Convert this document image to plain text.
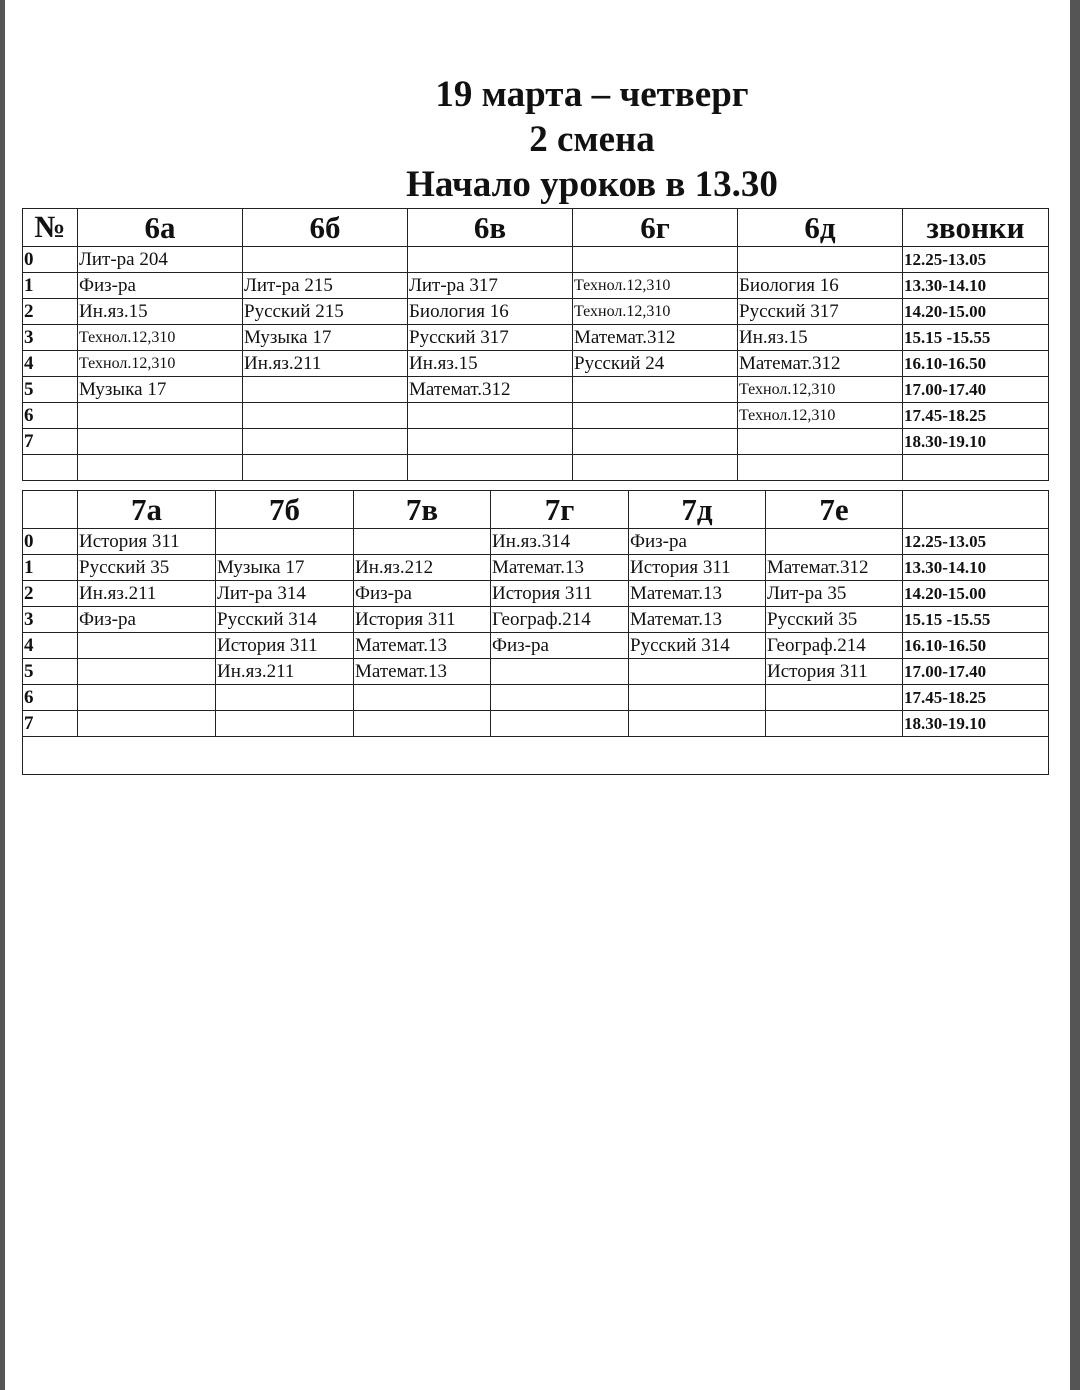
19 марта – четверг
2 смена
Начало уроков в 13.30
№	6а	6б	6в	6г	6д	звонки
0	Лит-ра 204					12.25-13.05
1	Физ-ра	Лит-ра 215	Лит-ра 317	Технол.12,310	Биология 16	13.30-14.10
2	Ин.яз.15	Русский 215	Биология 16	Технол.12,310	Русский 317	14.20-15.00
3	Технол.12,310	Музыка 17	Русский 317	Математ.312	Ин.яз.15	15.15 -15.55
4	Технол.12,310	Ин.яз.211	Ин.яз.15	Русский 24	Математ.312	16.10-16.50
5	Музыка 17		Математ.312		Технол.12,310	17.00-17.40
6					Технол.12,310	17.45-18.25
7						18.30-19.10

	7а	7б	7в	7г	7д	7е	
0	История 311			Ин.яз.314	Физ-ра		12.25-13.05
1	Русский 35	Музыка 17	Ин.яз.212	Математ.13	История 311	Математ.312	13.30-14.10
2	Ин.яз.211	Лит-ра 314	Физ-ра	История 311	Математ.13	Лит-ра 35	14.20-15.00
3	Физ-ра	Русский 314	История 311	Географ.214	Математ.13	Русский 35	15.15 -15.55
4		История 311	Математ.13	Физ-ра	Русский 314	Географ.214	16.10-16.50
5		Ин.яз.211	Математ.13			История 311	17.00-17.40
6							17.45-18.25
7							18.30-19.10
